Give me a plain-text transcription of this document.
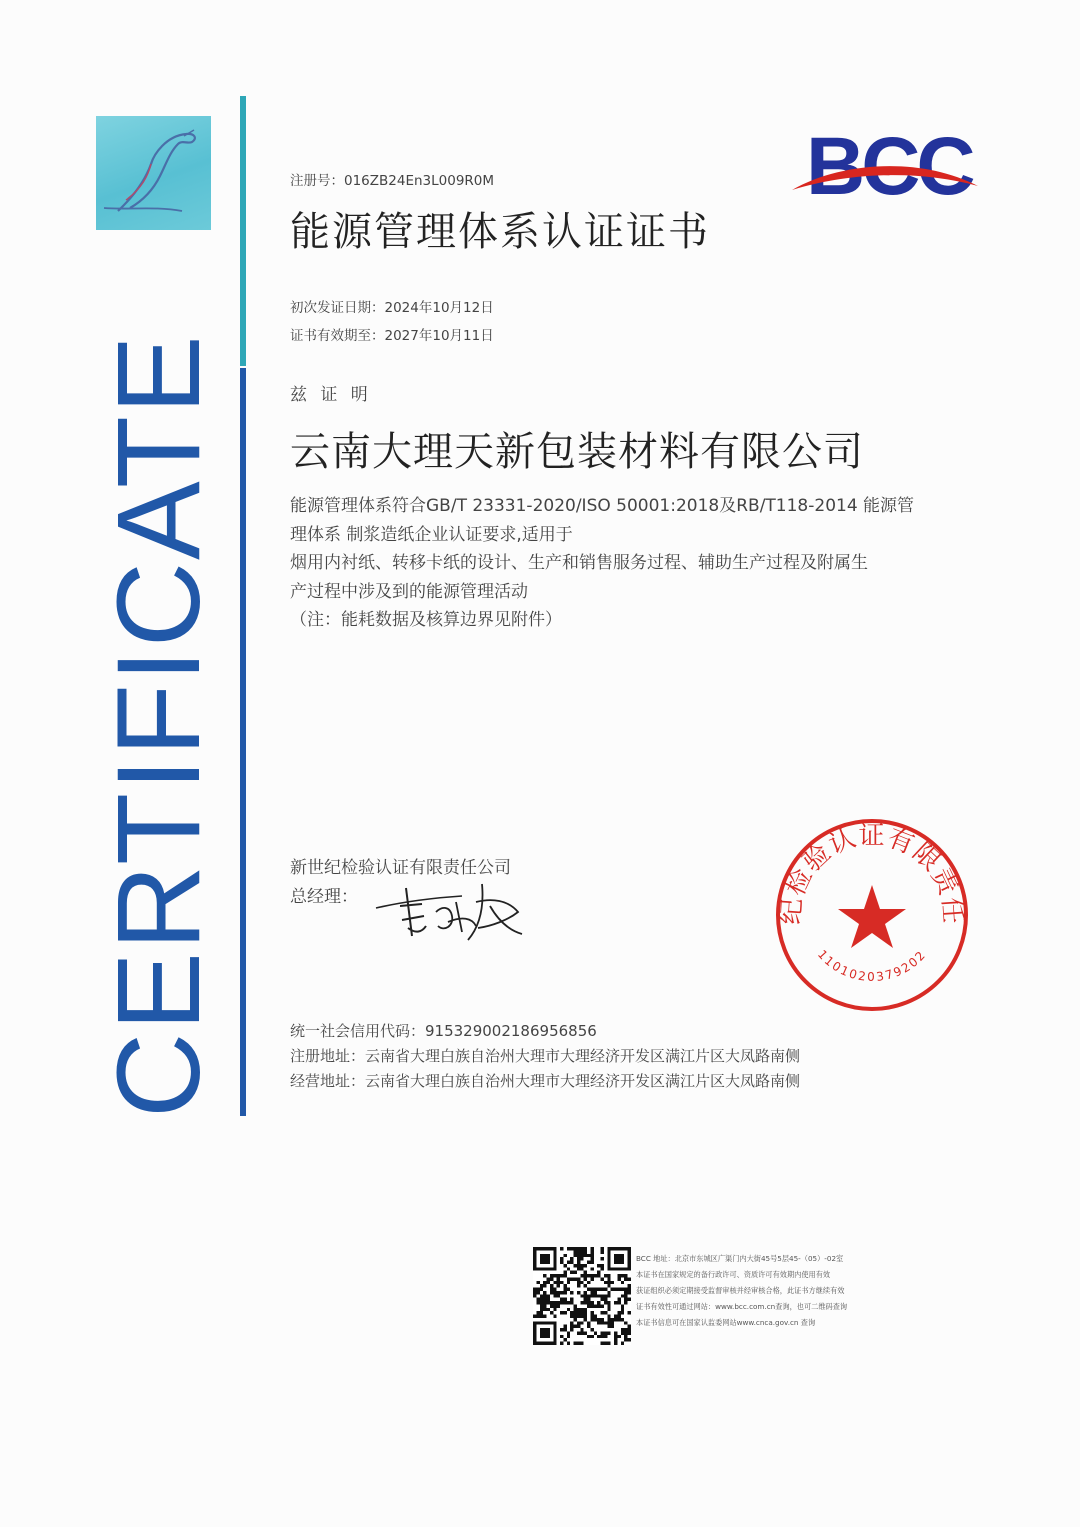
CERTIFICATE
BCC
注册号：016ZB24En3L009R0M
能源管理体系认证证书
初次发证日期：2024年10月12日
证书有效期至：2027年10月11日
兹 证 明
云南大理天新包装材料有限公司
能源管理体系符合GB/T 23331-2020/ISO 50001:2018及RB/T118-2014 能源管
理体系 制浆造纸企业认证要求,适用于
烟用内衬纸、转移卡纸的设计、生产和销售服务过程、辅助生产过程及附属生
产过程中涉及到的能源管理活动
（注：能耗数据及核算边界见附件）
新世纪检验认证有限责任公司
总经理：	纪检验认证有限责任
1101020379202
统一社会信用代码：915329002186956856
注册地址：云南省大理白族自治州大理市大理经济开发区满江片区大凤路南侧
经营地址：云南省大理白族自治州大理市大理经济开发区满江片区大凤路南侧
BCC 地址：北京市东城区广渠门内大街45号5层45-（05）-02室
本证书在国家规定的备行政许可、资质许可有效期内使用有效
获证组织必须定期接受监督审核并经审核合格，此证书方继续有效
证书有效性可通过网站：www.bcc.com.cn查询，也可二维码查询
本证书信息可在国家认监委网站www.cnca.gov.cn 查询
